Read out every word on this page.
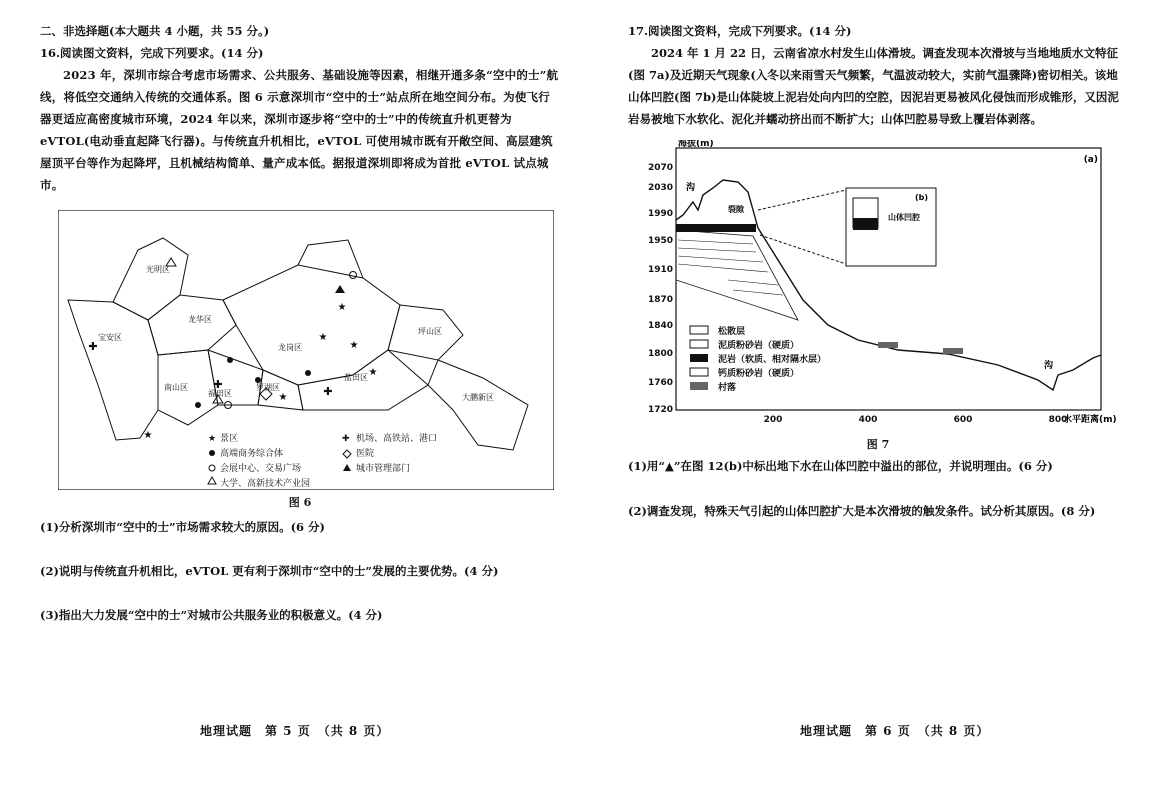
二、非选择题(本大题共 4 小题，共 55 分。)

16.阅读图文资料，完成下列要求。(14 分)

2023 年，深圳市综合考虑市场需求、公共服务、基础设施等因素，相继开通多条“空中的士”航线，将低空交通纳入传统的交通体系。图 6 示意深圳市“空中的士”站点所在地空间分布。为使飞行器更适应高密度城市环境，2024 年以来，深圳市逐步将“空中的士”中的传统直升机更替为 eVTOL(电动垂直起降飞行器)。与传统直升机相比，eVTOL 可使用城市既有开敞空间、高层建筑屋顶平台等作为起降坪，且机械结构简单、量产成本低。据报道深圳即将成为首批 eVTOL 试点城市。

光明区
宝安区
龙华区
龙岗区
坪山区
大鹏新区
南山区
福田区
罗湖区
盐田区
★
★
★
★
★
★
✚
✚
✚
★ 景区
高端商务综合体
会展中心、交易广场
大学、高新技术产业园
✚ 机场、高铁站、港口
医院
城市管理部门

图 6

(1)分析深圳市“空中的士”市场需求较大的原因。(6 分)

(2)说明与传统直升机相比，eVTOL 更有利于深圳市“空中的士”发展的主要优势。(4 分)

(3)指出大力发展“空中的士”对城市公共服务业的积极意义。(4 分)

地理试题　第 5 页　（共 8 页）

17.阅读图文资料，完成下列要求。(14 分)

2024 年 1 月 22 日，云南省凉水村发生山体滑坡。调查发现本次滑坡与当地地质水文特征(图 7a)及近期天气现象(入冬以来雨雪天气频繁，气温波动较大，实前气温骤降)密切相关。该地山体凹腔(图 7b)是山体陡坡上泥岩处向内凹的空腔，因泥岩更易被风化侵蚀而形成锥形，又因泥岩易被地下水软化、泥化并蠕动挤出而不断扩大；山体凹腔易导致上覆岩体剥落。

海拔(m)
水平距离(m)
(a)
2070
2030
1990
1950
1910
1870
1840
1800
1760
1720
200	400	600	800
沟
沟
裂隙
(b)
山体凹腔
松散层
泥质粉砂岩（硬质）
泥岩（软质、相对隔水层）
钙质粉砂岩（硬质）
村落

图 7

(1)用“▲”在图 12(b)中标出地下水在山体凹腔中溢出的部位，并说明理由。(6 分)

(2)调查发现，特殊天气引起的山体凹腔扩大是本次滑坡的触发条件。试分析其原因。(8 分)

地理试题　第 6 页　（共 8 页）
